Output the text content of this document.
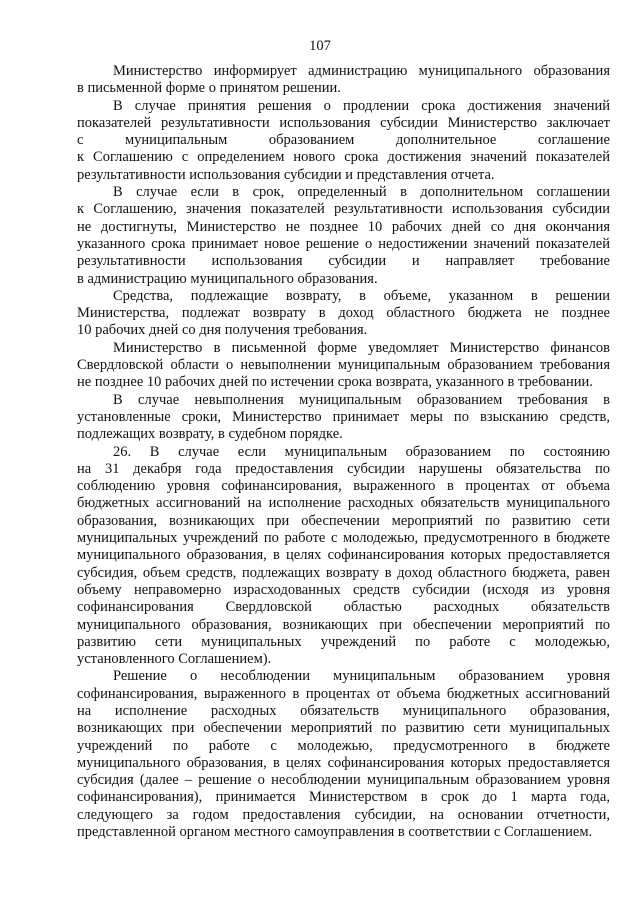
107
Министерство информирует администрацию муниципального образования
в письменной форме о принятом решении.
В случае принятия решения о продлении срока достижения значений
показателей результативности использования субсидии Министерство заключает
с муниципальным образованием дополнительное соглашение
к Соглашению с определением нового срока достижения значений показателей
результативности использования субсидии и представления отчета.
В случае если в срок, определенный в дополнительном соглашении
к Соглашению, значения показателей результативности использования субсидии
не достигнуты, Министерство не позднее 10 рабочих дней со дня окончания
указанного срока принимает новое решение о недостижении значений показателей
результативности использования субсидии и направляет требование
в администрацию муниципального образования.
Средства, подлежащие возврату, в объеме, указанном в решении
Министерства, подлежат возврату в доход областного бюджета не позднее
10 рабочих дней со дня получения требования.
Министерство в письменной форме уведомляет Министерство финансов
Свердловской области о невыполнении муниципальным образованием требования
не позднее 10 рабочих дней по истечении срока возврата, указанного в требовании.
В случае невыполнения муниципальным образованием требования в
установленные сроки, Министерство принимает меры по взысканию средств,
подлежащих возврату, в судебном порядке.
26. В случае если муниципальным образованием по состоянию
на 31 декабря года предоставления субсидии нарушены обязательства по
соблюдению уровня софинансирования, выраженного в процентах от объема
бюджетных ассигнований на исполнение расходных обязательств муниципального
образования, возникающих при обеспечении мероприятий по развитию сети
муниципальных учреждений по работе с молодежью, предусмотренного в бюджете
муниципального образования, в целях софинансирования которых предоставляется
субсидия, объем средств, подлежащих возврату в доход областного бюджета, равен
объему неправомерно израсходованных средств субсидии (исходя из уровня
софинансирования Свердловской областью расходных обязательств
муниципального образования, возникающих при обеспечении мероприятий по
развитию сети муниципальных учреждений по работе с молодежью,
установленного Соглашением).
Решение о несоблюдении муниципальным образованием уровня
софинансирования, выраженного в процентах от объема бюджетных ассигнований
на исполнение расходных обязательств муниципального образования,
возникающих при обеспечении мероприятий по развитию сети муниципальных
учреждений по работе с молодежью, предусмотренного в бюджете
муниципального образования, в целях софинансирования которых предоставляется
субсидия (далее – решение о несоблюдении муниципальным образованием уровня
софинансирования), принимается Министерством в срок до 1 марта года,
следующего за годом предоставления субсидии, на основании отчетности,
представленной органом местного самоуправления в соответствии с Соглашением.
